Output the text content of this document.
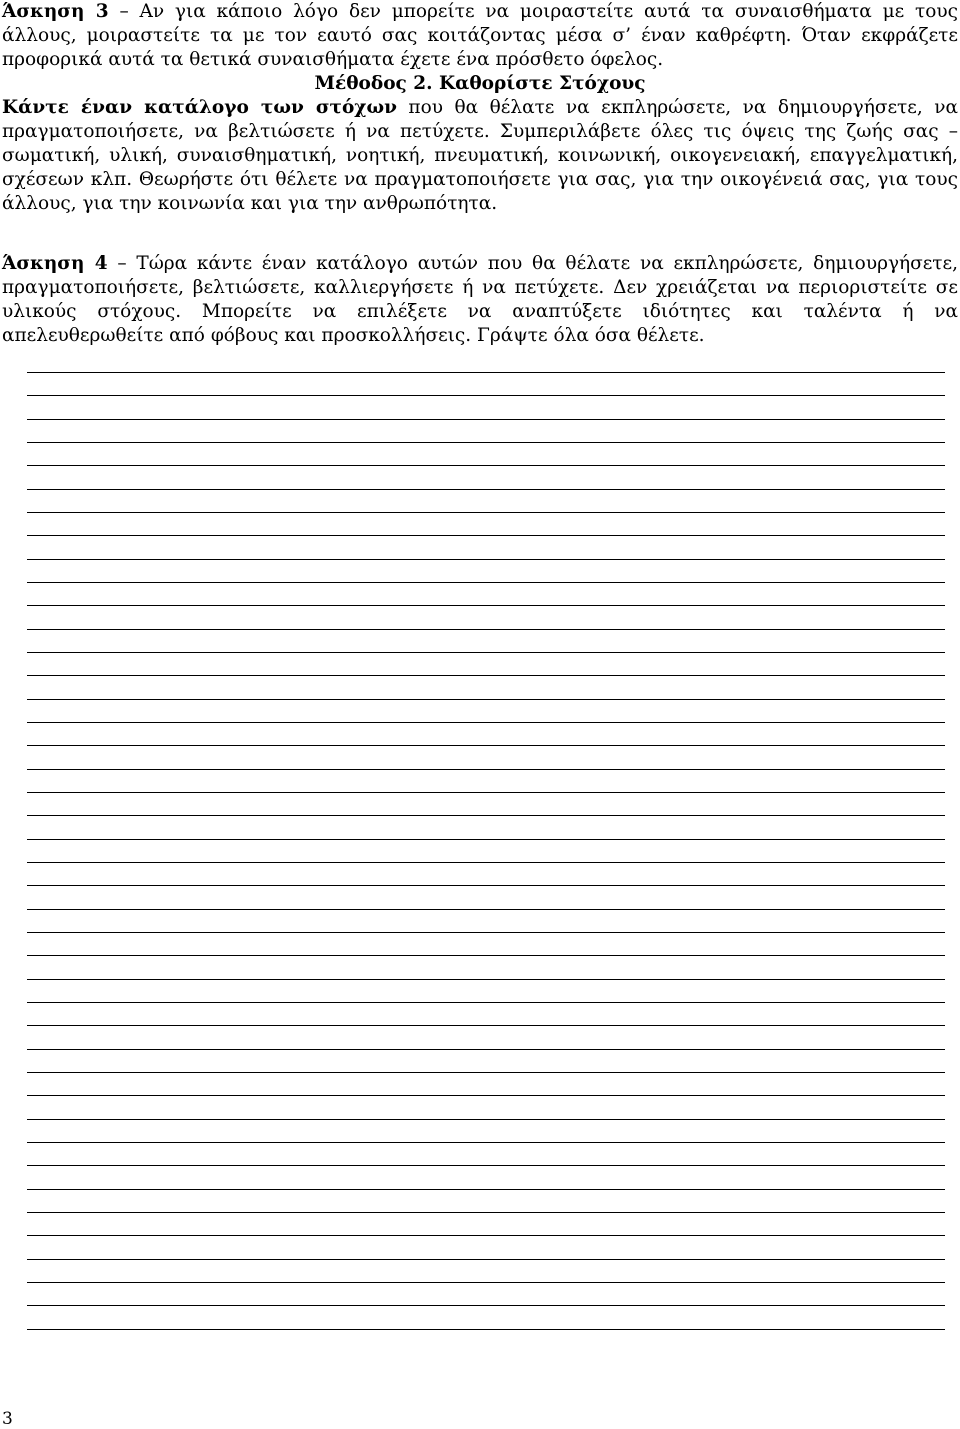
Άσκηση 3 – Αν για κάποιο λόγο δεν μπορείτε να μοιραστείτε αυτά τα συναισθήματα με τους άλλους, μοιραστείτε τα με τον εαυτό σας κοιτάζοντας μέσα σ’ έναν καθρέφτη. Όταν εκφράζετε προφορικά αυτά τα θετικά συναισθήματα έχετε ένα πρόσθετο όφελος.

Μέθοδος 2. Καθορίστε Στόχους

Κάντε έναν κατάλογο των στόχων που θα θέλατε να εκπληρώσετε, να δημιουργήσετε, να πραγματοποιήσετε, να βελτιώσετε ή να πετύχετε. Συμπεριλάβετε όλες τις όψεις της ζωής σας – σωματική, υλική, συναισθηματική, νοητική, πνευματική, κοινωνική, οικογενειακή, επαγγελματική, σχέσεων κλπ. Θεωρήστε ότι θέλετε να πραγματοποιήσετε για σας, για την οικογένειά σας, για τους άλλους, για την κοινωνία και για την ανθρωπότητα.

Άσκηση 4 – Τώρα κάντε έναν κατάλογο αυτών που θα θέλατε να εκπληρώσετε, δημιουργήσετε, πραγματοποιήσετε, βελτιώσετε, καλλιεργήσετε ή να πετύχετε. Δεν χρειάζεται να περιοριστείτε σε υλικούς στόχους. Μπορείτε να επιλέξετε να αναπτύξετε ιδιότητες και ταλέντα ή να απελευθερωθείτε από φόβους και προσκολλήσεις. Γράψτε όλα όσα θέλετε.

3
